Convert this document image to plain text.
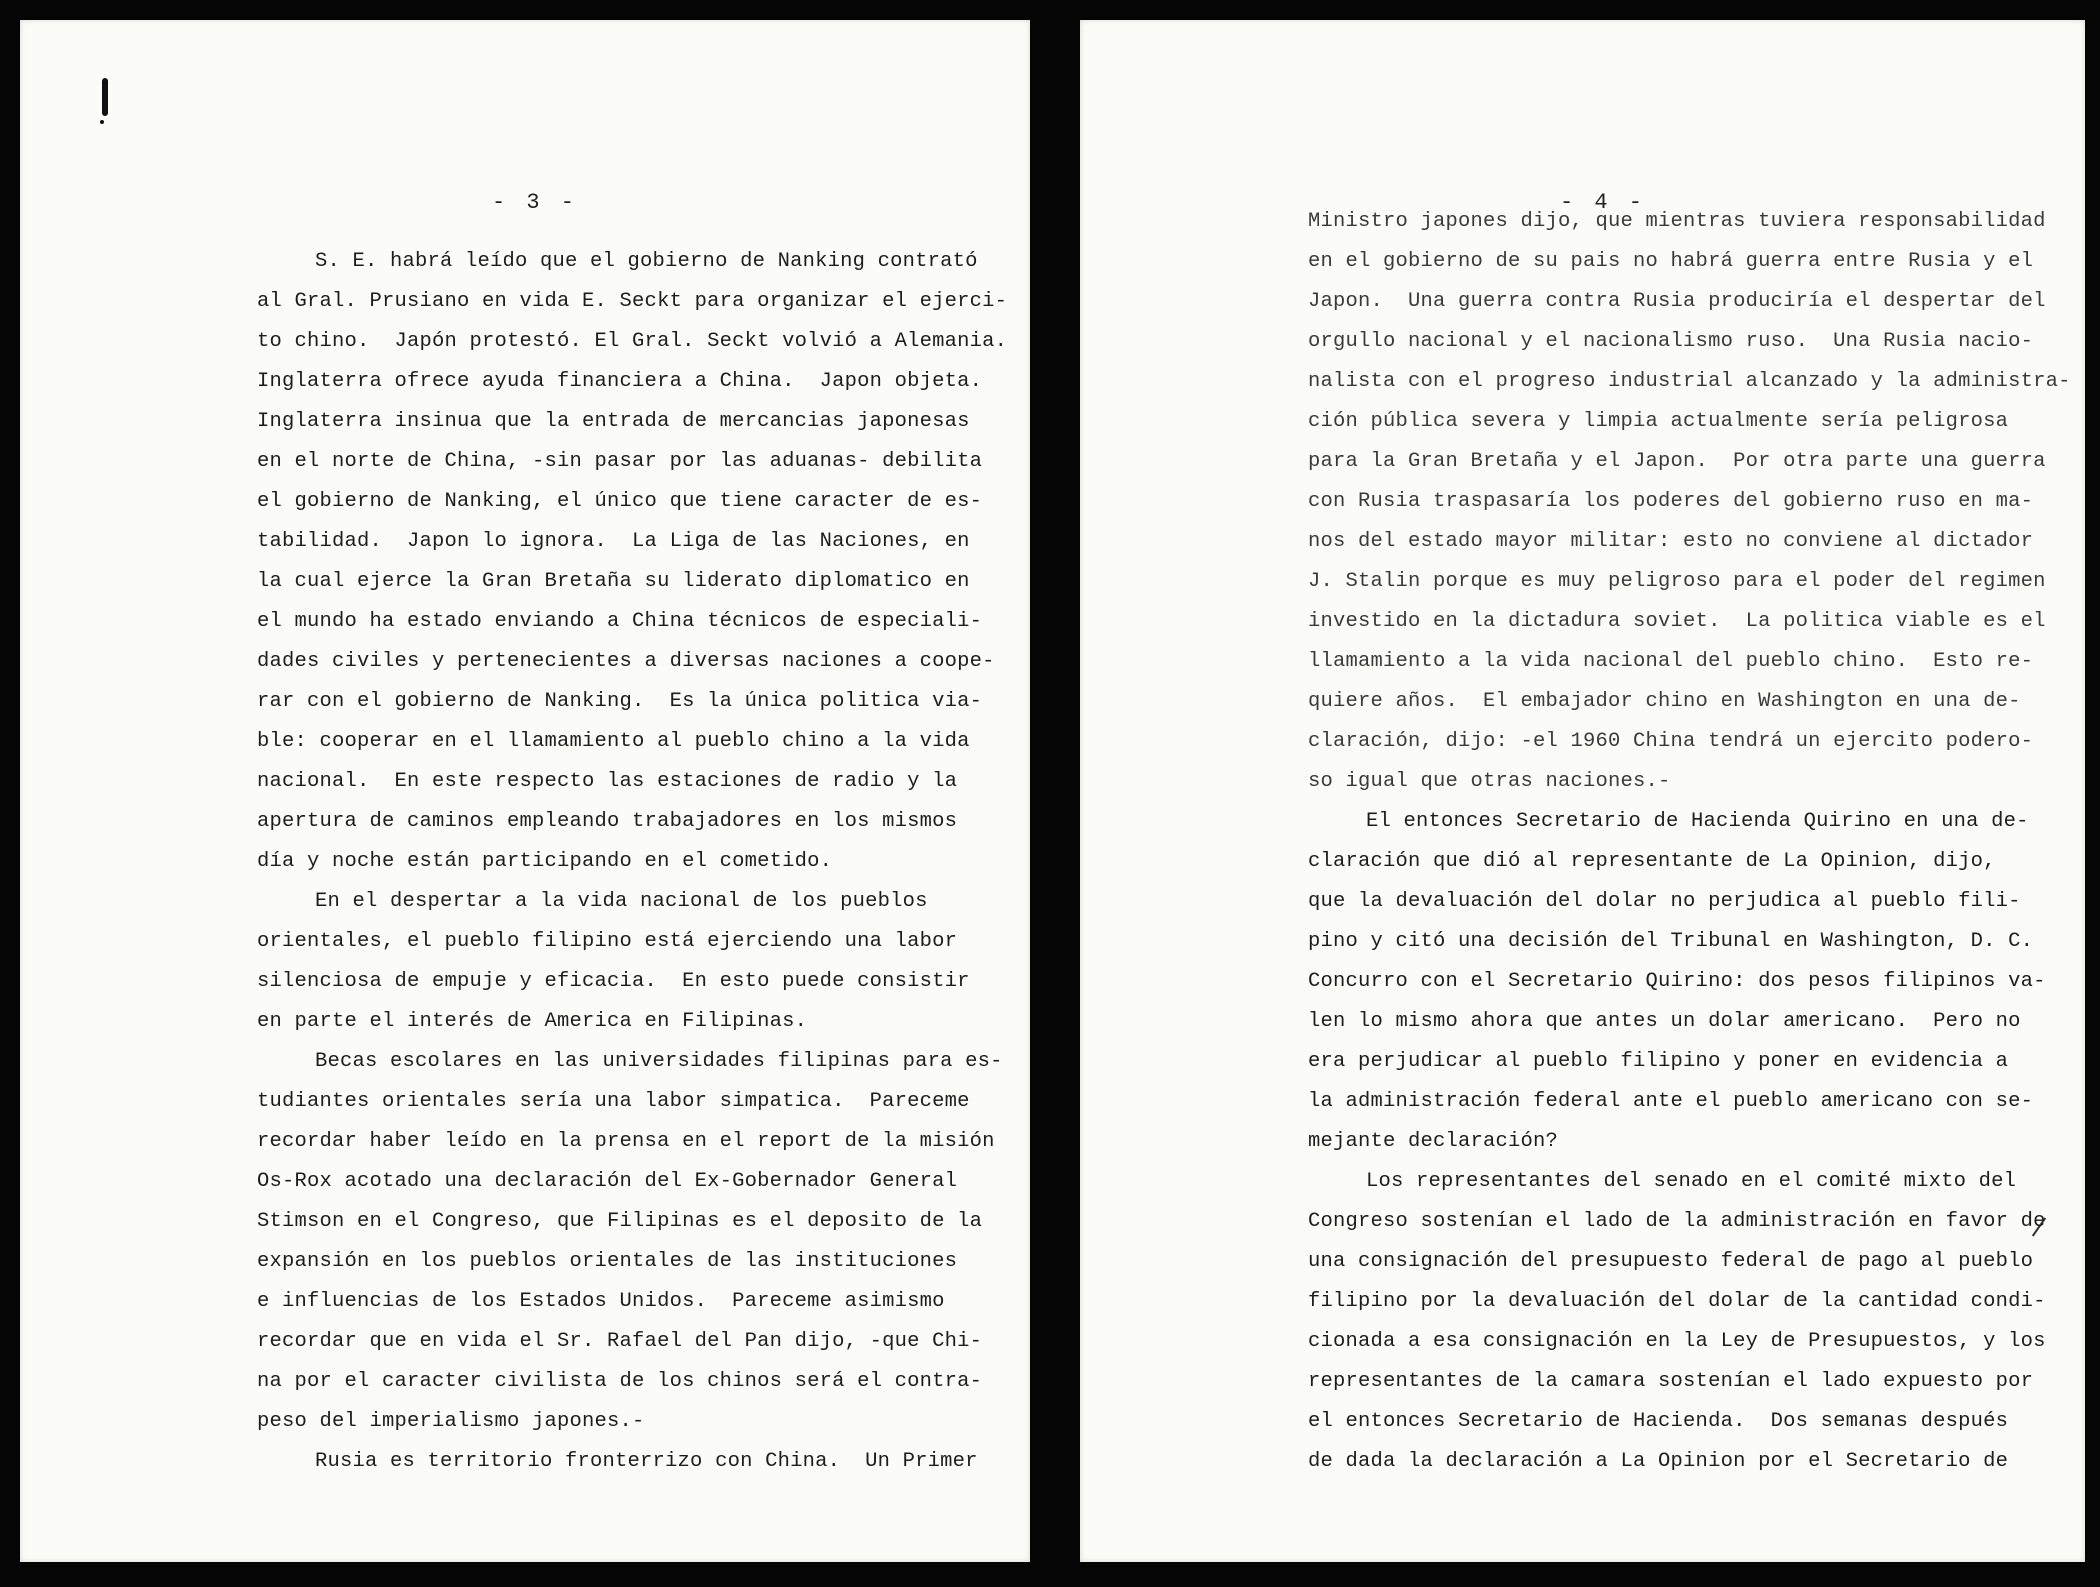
- 3 -
S. E. habrá leído que el gobierno de Nanking contrató
al Gral. Prusiano en vida E. Seckt para organizar el ejerci-
to chino.  Japón protestó. El Gral. Seckt volvió a Alemania.
Inglaterra ofrece ayuda financiera a China.  Japon objeta.
Inglaterra insinua que la entrada de mercancias japonesas
en el norte de China, -sin pasar por las aduanas- debilita
el gobierno de Nanking, el único que tiene caracter de es-
tabilidad.  Japon lo ignora.  La Liga de las Naciones, en
la cual ejerce la Gran Bretaña su liderato diplomatico en
el mundo ha estado enviando a China técnicos de especiali-
dades civiles y pertenecientes a diversas naciones a coope-
rar con el gobierno de Nanking.  Es la única politica via-
ble: cooperar en el llamamiento al pueblo chino a la vida
nacional.  En este respecto las estaciones de radio y la
apertura de caminos empleando trabajadores en los mismos
día y noche están participando en el cometido.
En el despertar a la vida nacional de los pueblos
orientales, el pueblo filipino está ejerciendo una labor
silenciosa de empuje y eficacia.  En esto puede consistir
en parte el interés de America en Filipinas.
Becas escolares en las universidades filipinas para es-
tudiantes orientales sería una labor simpatica.  Pareceme
recordar haber leído en la prensa en el report de la misión
Os-Rox acotado una declaración del Ex-Gobernador General
Stimson en el Congreso, que Filipinas es el deposito de la
expansión en los pueblos orientales de las instituciones
e influencias de los Estados Unidos.  Pareceme asimismo
recordar que en vida el Sr. Rafael del Pan dijo, -que Chi-
na por el caracter civilista de los chinos será el contra-
peso del imperialismo japones.-
Rusia es territorio fronterrizo con China.  Un Primer
- 4 -
Ministro japones dijo, que mientras tuviera responsabilidad
en el gobierno de su pais no habrá guerra entre Rusia y el
Japon.  Una guerra contra Rusia produciría el despertar del
orgullo nacional y el nacionalismo ruso.  Una Rusia nacio-
nalista con el progreso industrial alcanzado y la administra-
ción pública severa y limpia actualmente sería peligrosa
para la Gran Bretaña y el Japon.  Por otra parte una guerra
con Rusia traspasaría los poderes del gobierno ruso en ma-
nos del estado mayor militar: esto no conviene al dictador
J. Stalin porque es muy peligroso para el poder del regimen
investido en la dictadura soviet.  La politica viable es el
llamamiento a la vida nacional del pueblo chino.  Esto re-
quiere años.  El embajador chino en Washington en una de-
claración, dijo: -el 1960 China tendrá un ejercito podero-
so igual que otras naciones.-
El entonces Secretario de Hacienda Quirino en una de-
claración que dió al representante de La Opinion, dijo,
que la devaluación del dolar no perjudica al pueblo fili-
pino y citó una decisión del Tribunal en Washington, D. C.
Concurro con el Secretario Quirino: dos pesos filipinos va-
len lo mismo ahora que antes un dolar americano.  Pero no
era perjudicar al pueblo filipino y poner en evidencia a
la administración federal ante el pueblo americano con se-
mejante declaración?
Los representantes del senado en el comité mixto del
Congreso sostenían el lado de la administración en favor de
una consignación del presupuesto federal de pago al pueblo
filipino por la devaluación del dolar de la cantidad condi-
cionada a esa consignación en la Ley de Presupuestos, y los
representantes de la camara sostenían el lado expuesto por
el entonces Secretario de Hacienda.  Dos semanas después
de dada la declaración a La Opinion por el Secretario de
